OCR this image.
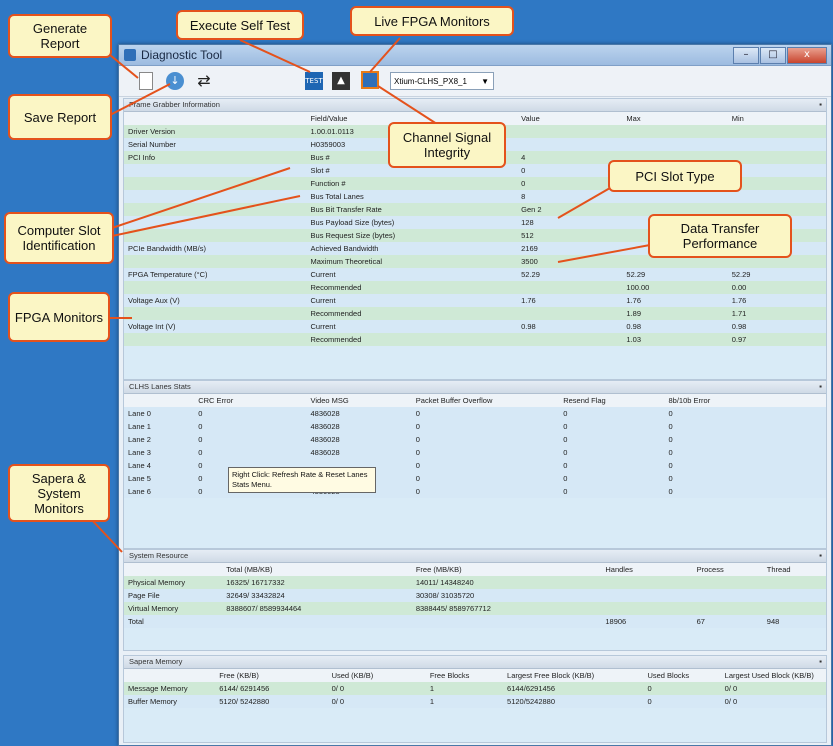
Diagnostic Tool	–	□	x
↓ ⇄	TEST	▲	Xtium-CLHS_PX8_1 ▼
Frame Grabber Information	▪
	Field/Value	Value	Max	Min
Driver Version	1.00.01.0113			
Serial Number	H0359003			
PCI Info	Bus #	4		
	Slot #	0		
	Function #	0		
	Bus Total Lanes	8		
	Bus Bit Transfer Rate	Gen 2		
	Bus Payload Size (bytes)	128		
	Bus Request Size (bytes)	512		
PCIe Bandwidth (MB/s)	Achieved Bandwidth	2169		
	Maximum Theoretical	3500		
FPGA Temperature (°C)	Current	52.29	52.29	52.29
	Recommended		100.00	0.00
Voltage Aux (V)	Current	1.76	1.76	1.76
	Recommended		1.89	1.71
Voltage Int (V)	Current	0.98	0.98	0.98
	Recommended		1.03	0.97
CLHS Lanes Stats	▪
	CRC Error	Video MSG	Packet Buffer Overflow	Resend Flag	8b/10b Error
Lane 0	0	4836028	0	0	0
Lane 1	0	4836028	0	0	0
Lane 2	0	4836028	0	0	0
Lane 3	0	4836028	0	0	0
Lane 4	0		0	0	0
Lane 5	0		0	0	0
Lane 6	0		0	0	0
System Resource	▪
	Total (MB/KB)	Free (MB/KB)	Handles	Process	Thread
Physical Memory	16325/ 16717332	14011/ 14348240			
Page File	32649/ 33432824	30308/ 31035720			
Virtual Memory	8388607/ 8589934464	8388445/ 8589767712			
Total			18906	67	948
Sapera Memory	▪
	Free (KB/B)	Used (KB/B)	Free Blocks	Largest Free Block (KB/B)	Used Blocks	Largest Used Block (KB/B)
Message Memory	6144/ 6291456	0/ 0	1	6144/6291456	0	0/ 0
Buffer Memory	5120/ 5242880	0/ 0	1	5120/5242880	0	0/ 0
Right Click: Refresh Rate & Reset Lanes Stats Menu.
Generate Report
Save Report
Execute Self Test	Live FPGA Monitors
Channel Signal Integrity
PCI Slot Type
Data Transfer Performance
Computer Slot Identification
FPGA Monitors
Sapera & System Monitors
